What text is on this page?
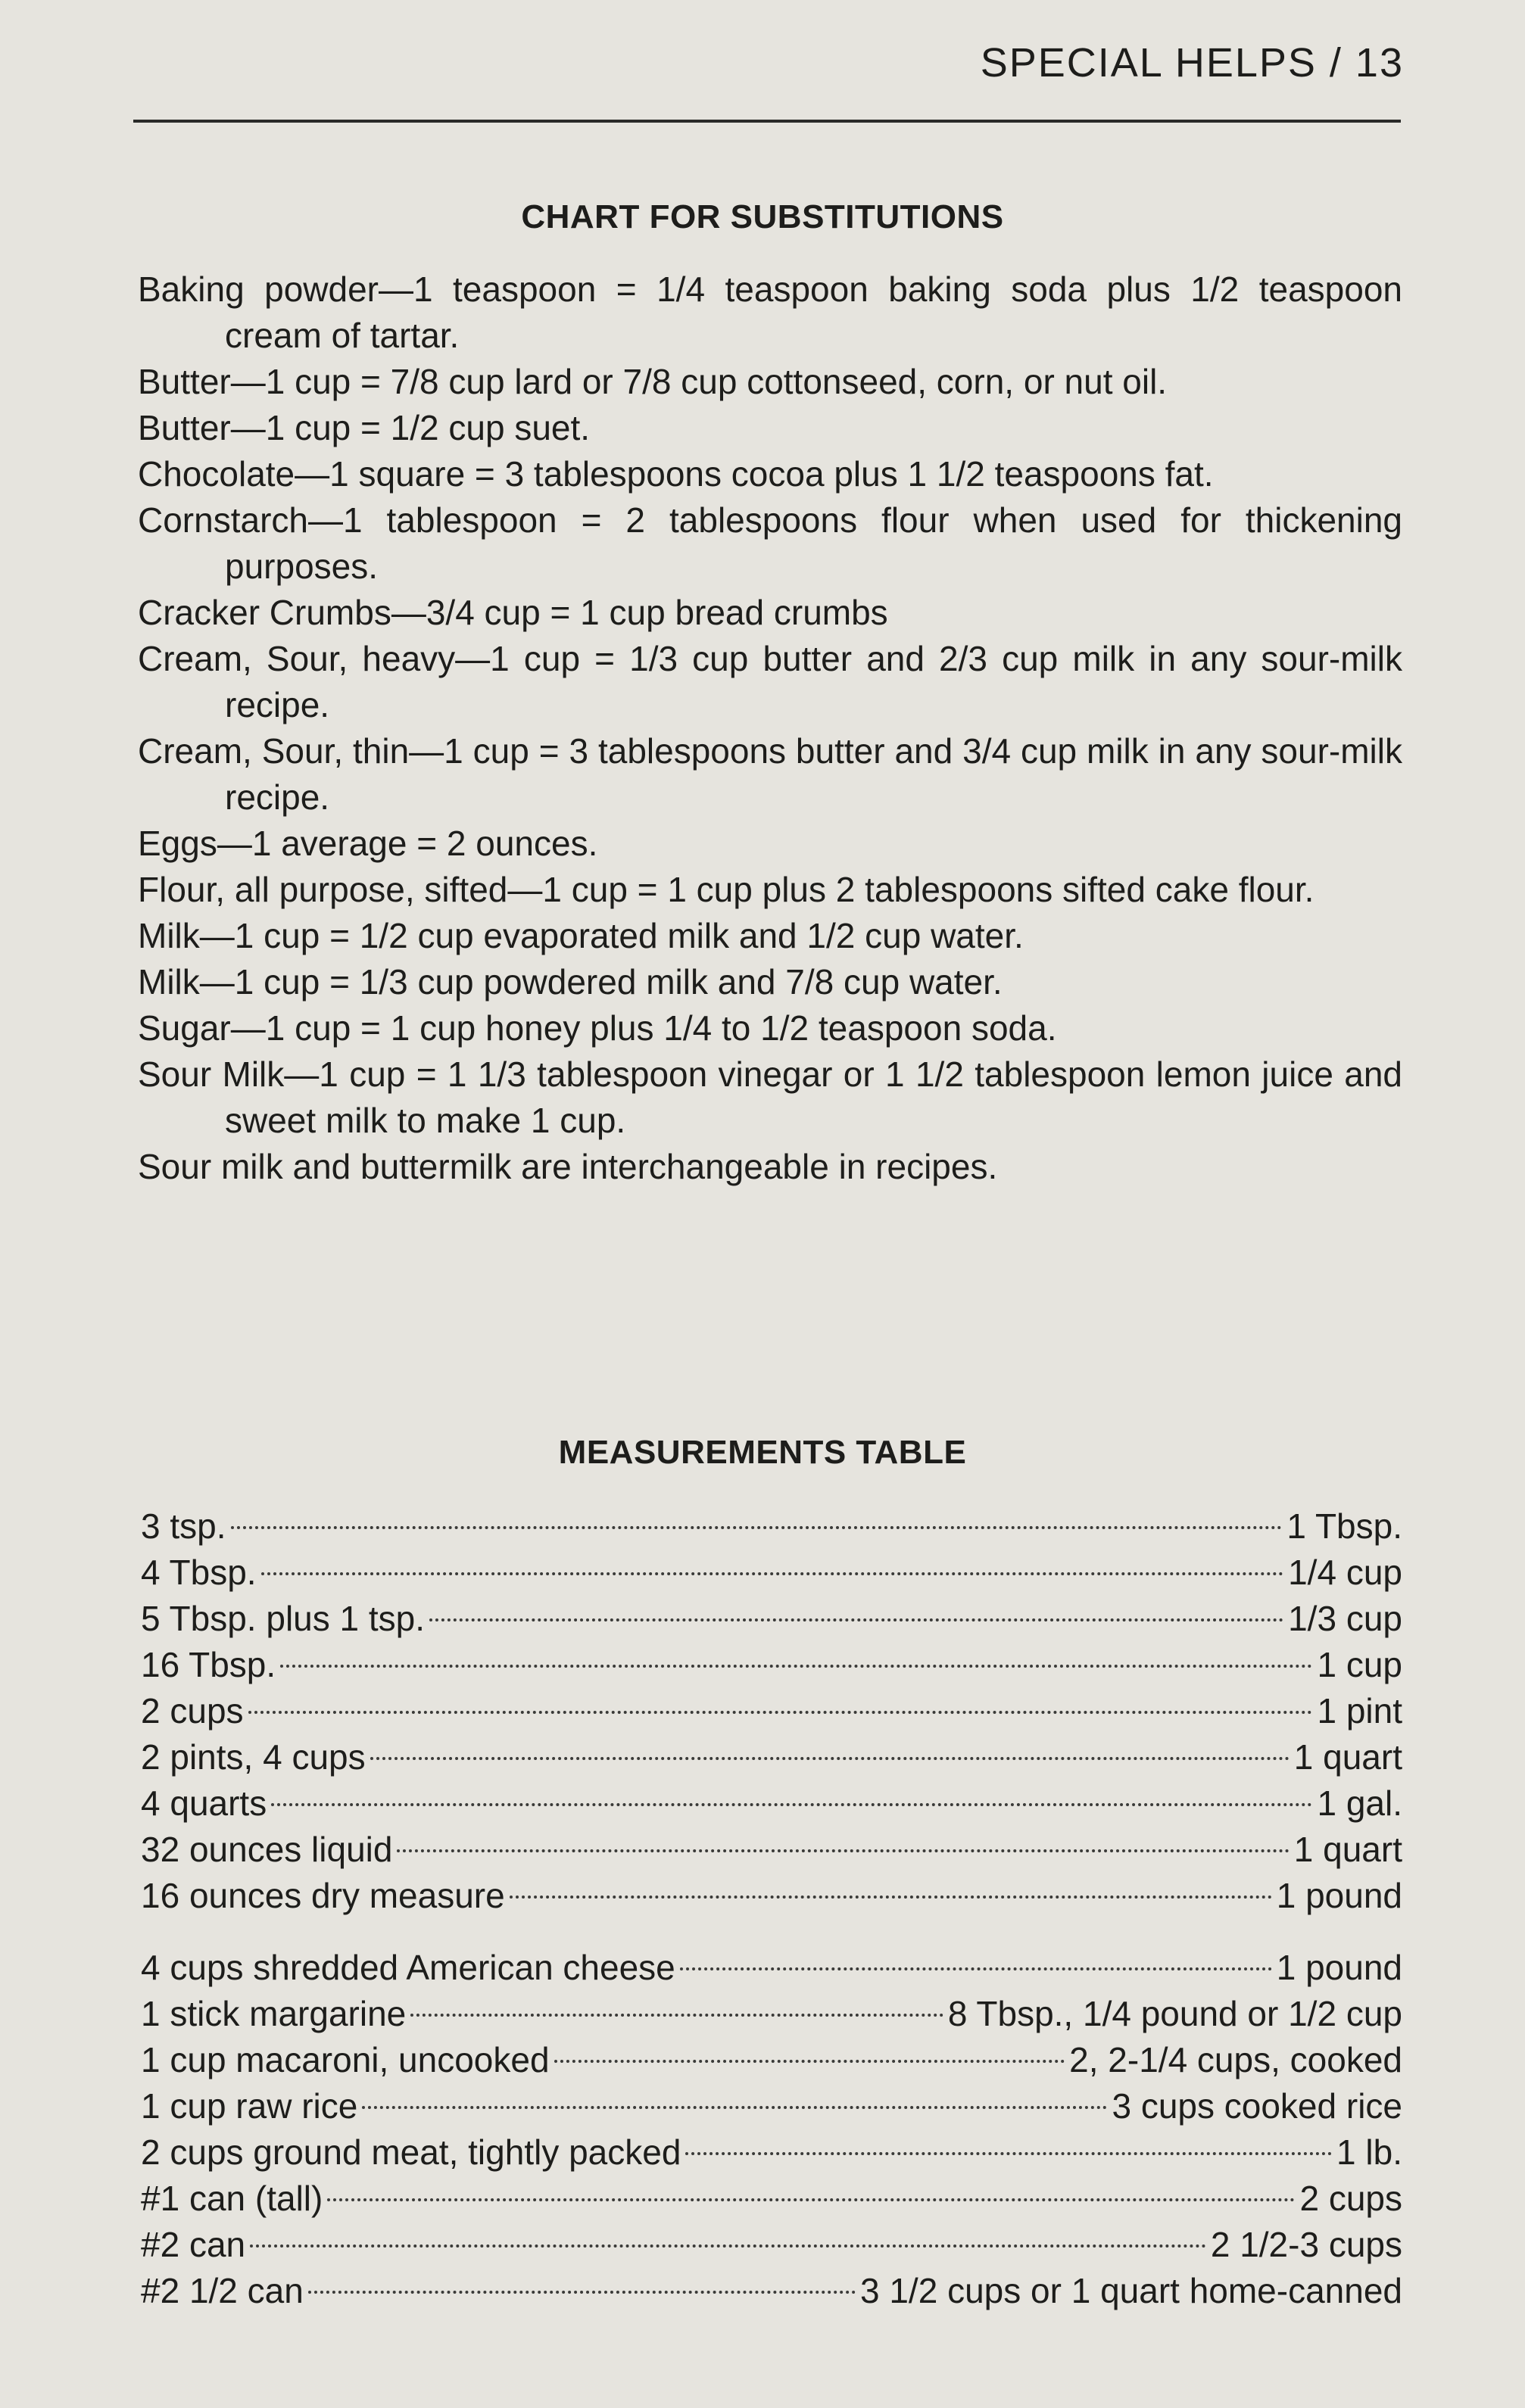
SPECIAL HELPS / 13
CHART FOR SUBSTITUTIONS
Baking powder—1 teaspoon = 1/4 teaspoon baking soda plus 1/2 teaspoon cream of tartar.
Butter—1 cup = 7/8 cup lard or 7/8 cup cottonseed, corn, or nut oil.
Butter—1 cup = 1/2 cup suet.
Chocolate—1 square = 3 tablespoons cocoa plus 1 1/2 teaspoons fat.
Cornstarch—1 tablespoon = 2 tablespoons flour when used for thickening purposes.
Cracker Crumbs—3/4 cup = 1 cup bread crumbs
Cream, Sour, heavy—1 cup = 1/3 cup butter and 2/3 cup milk in any sour-milk recipe.
Cream, Sour, thin—1 cup = 3 tablespoons butter and 3/4 cup milk in any sour-milk recipe.
Eggs—1 average = 2 ounces.
Flour, all purpose, sifted—1 cup = 1 cup plus 2 tablespoons sifted cake flour.
Milk—1 cup = 1/2 cup evaporated milk and 1/2 cup water.
Milk—1 cup = 1/3 cup powdered milk and 7/8 cup water.
Sugar—1 cup = 1 cup honey plus 1/4 to 1/2 teaspoon soda.
Sour Milk—1 cup = 1 1/3 tablespoon vinegar or 1 1/2 tablespoon lemon juice and sweet milk to make 1 cup.
Sour milk and buttermilk are interchangeable in recipes.
MEASUREMENTS TABLE
3 tsp.	1 Tbsp.
4 Tbsp.	1/4 cup
5 Tbsp. plus 1 tsp.	1/3 cup
16 Tbsp.	1 cup
2 cups	1 pint
2 pints, 4 cups	1 quart
4 quarts	1 gal.
32 ounces liquid	1 quart
16 ounces dry measure	1 pound
4 cups shredded American cheese	1 pound
1 stick margarine	8 Tbsp., 1/4 pound or 1/2 cup
1 cup macaroni, uncooked	2, 2-1/4 cups, cooked
1 cup raw rice	3 cups cooked rice
2 cups ground meat, tightly packed	1 lb.
#1 can (tall)	2 cups
#2 can	2 1/2-3 cups
#2 1/2 can	3 1/2 cups or 1 quart home-canned
